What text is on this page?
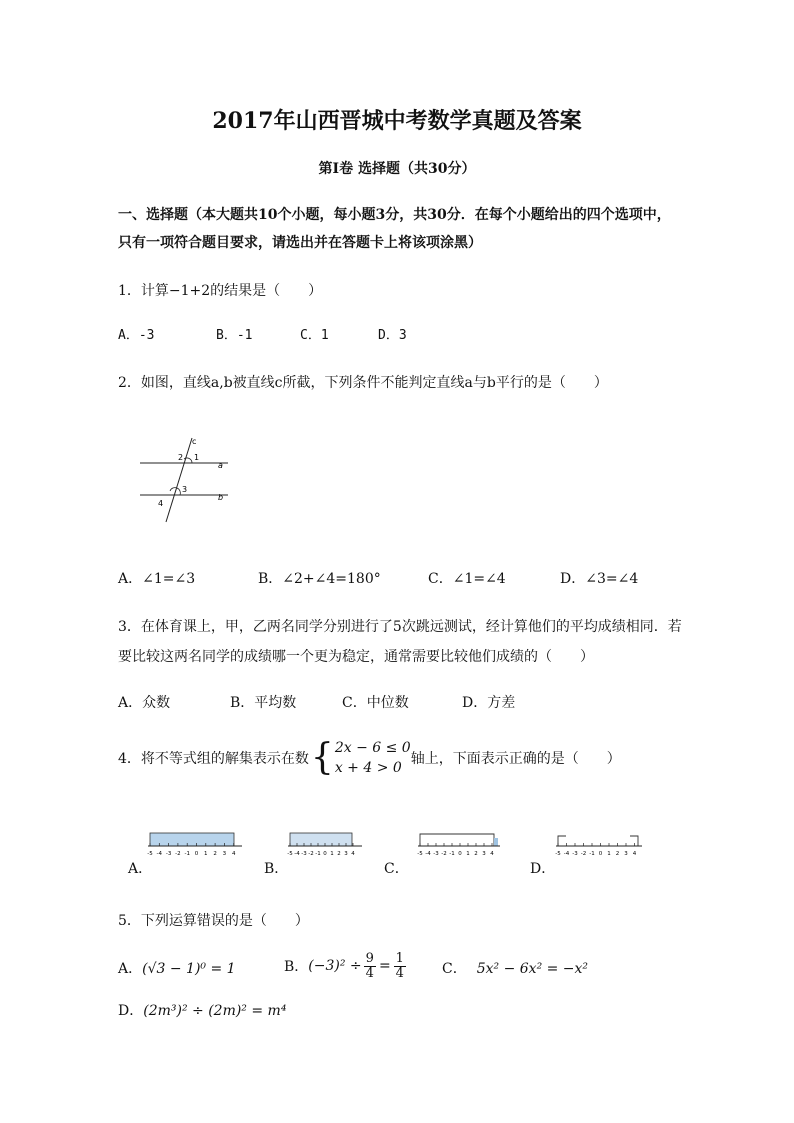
2017年山西晋城中考数学真题及答案
第Ⅰ卷 选择题（共30分）
一、选择题（本大题共10个小题，每小题3分，共30分．在每个小题给出的四个选项中，
只有一项符合题目要求，请选出并在答题卡上将该项涂黑）
1．计算−1+2的结果是（　　）
A．-3	B．-1	C．1	D．3
2．如图，直线a,b被直线c所截，下列条件不能判定直线a与b平行的是（　　）
c
a
b
1
2
3
4
A．∠1=∠3	B．∠2+∠4=180°	C．∠1=∠4	D．∠3=∠4
3．在体育课上，甲，乙两名同学分别进行了5次跳远测试，经计算他们的平均成绩相同．若
要比较这两名同学的成绩哪一个更为稳定，通常需要比较他们成绩的（　　）
A．众数	B．平均数	C．中位数	D．方差
4．将不等式组的解集表示在数 { 2x − 6 ≤ 0
x + 4 > 0
轴上，下面表示正确的是（　　）
A．
-5 -4 -3 -2 -1 0 1 2 3 4
B．
-5 -4 -3 -2 -1 0 1 2 3 4
C．
-5 -4 -3 -2 -1 0 1 2 3 4
D．
-5 -4 -3 -2 -1 0 1 2 3 4
5．下列运算错误的是（　　）
A．(√3 − 1)⁰ = 1	B． $(-3)^2 \div \frac{9}{4} = \frac{1}{4}$	C． 5x² − 6x² = −x²
D．(2m³)² ÷ (2m)² = m⁴
